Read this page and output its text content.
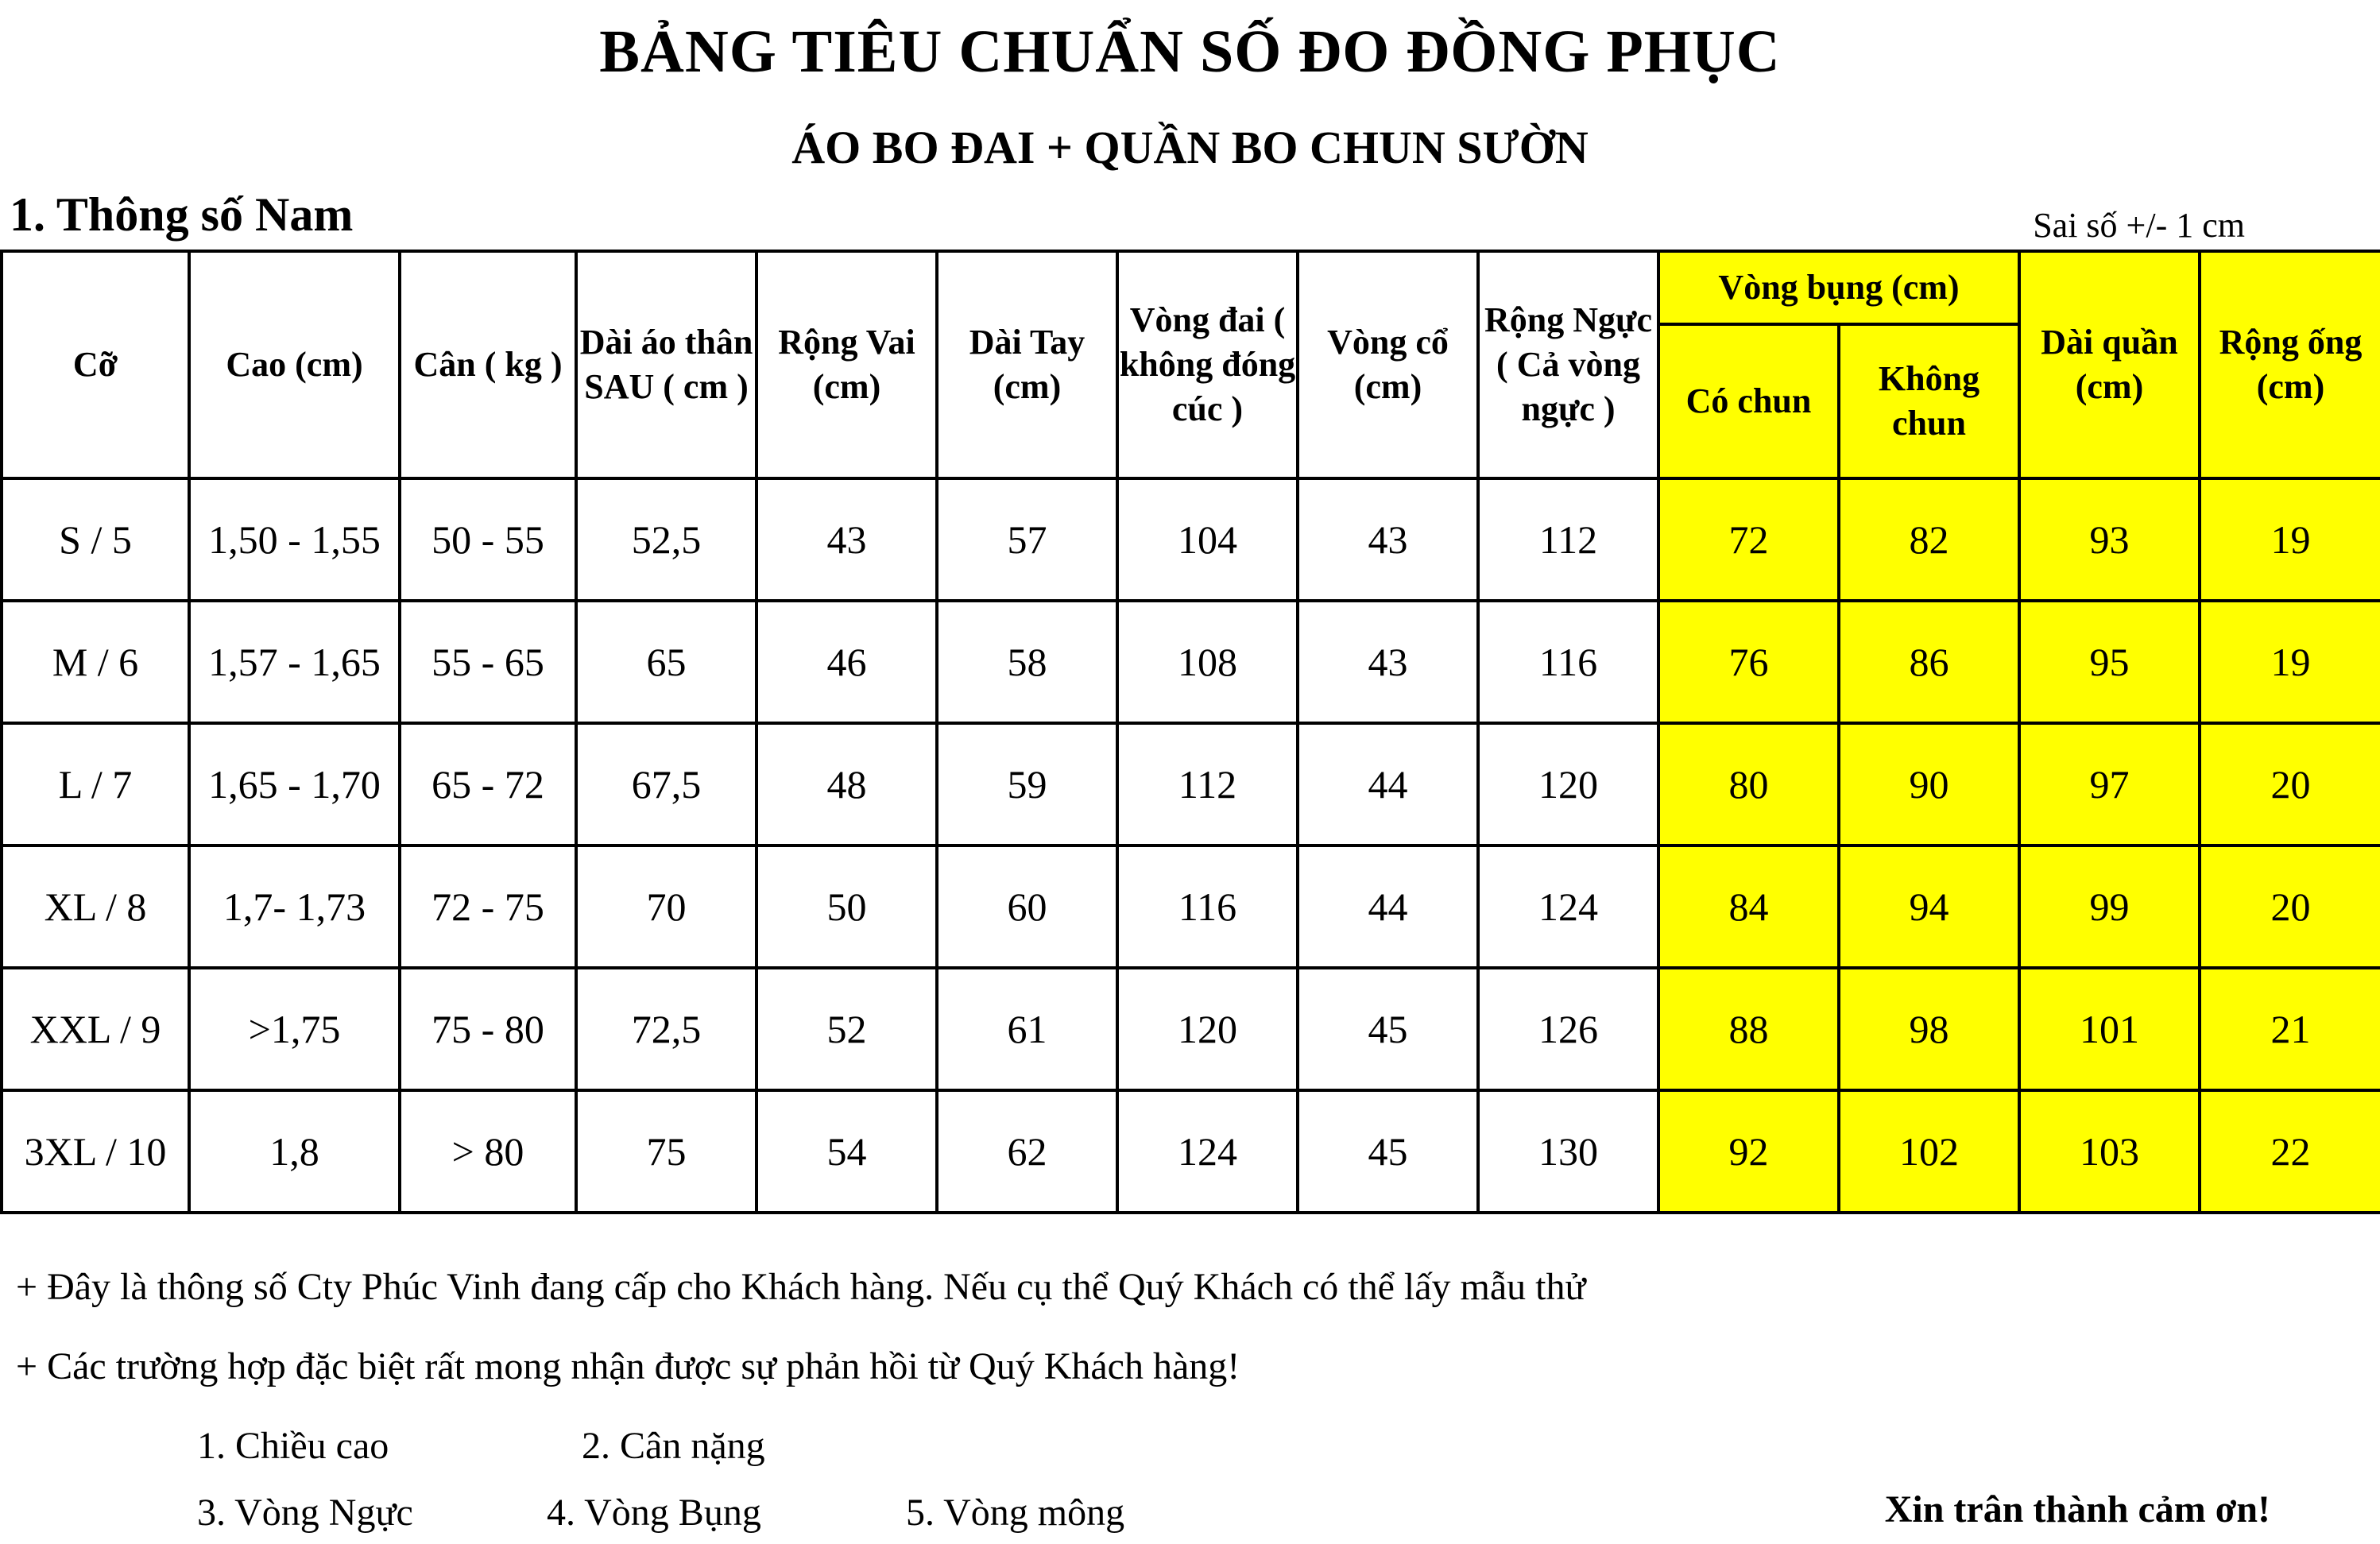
BẢNG TIÊU CHUẨN SỐ ĐO ĐỒNG PHỤC
ÁO BO ĐAI + QUẦN BO CHUN SƯỜN
1. Thông số Nam	Sai số +/- 1 cm
Cỡ	Cao (cm)	Cân ( kg )	Dài áo thân SAU ( cm )	Rộng Vai (cm)	Dài Tay (cm)	Vòng đai ( không đóng cúc )	Vòng cổ (cm)	Rộng Ngực ( Cả vòng ngực )	Vòng bụng (cm)		Dài quần (cm)	Rộng ống (cm)
									Có chun	Không chun		
S / 5	1,50 - 1,55	50 - 55	52,5	43	57	104	43	112	72	82	93	19
M / 6	1,57 - 1,65	55 - 65	65	46	58	108	43	116	76	86	95	19
L / 7	1,65 - 1,70	65 - 72	67,5	48	59	112	44	120	80	90	97	20
XL / 8	1,7- 1,73	72 - 75	70	50	60	116	44	124	84	94	99	20
XXL / 9	>1,75	75 - 80	72,5	52	61	120	45	126	88	98	101	21
3XL / 10	1,8	> 80	75	54	62	124	45	130	92	102	103	22
+ Đây là thông số Cty Phúc Vinh đang cấp cho Khách hàng. Nếu cụ thể Quý Khách có thể lấy mẫu thử
+ Các trường hợp đặc biệt rất mong nhận được sự phản hồi từ Quý Khách hàng!
1. Chiều cao	2. Cân nặng
3. Vòng Ngực	4. Vòng Bụng	5. Vòng mông	Xin trân thành cảm ơn!
